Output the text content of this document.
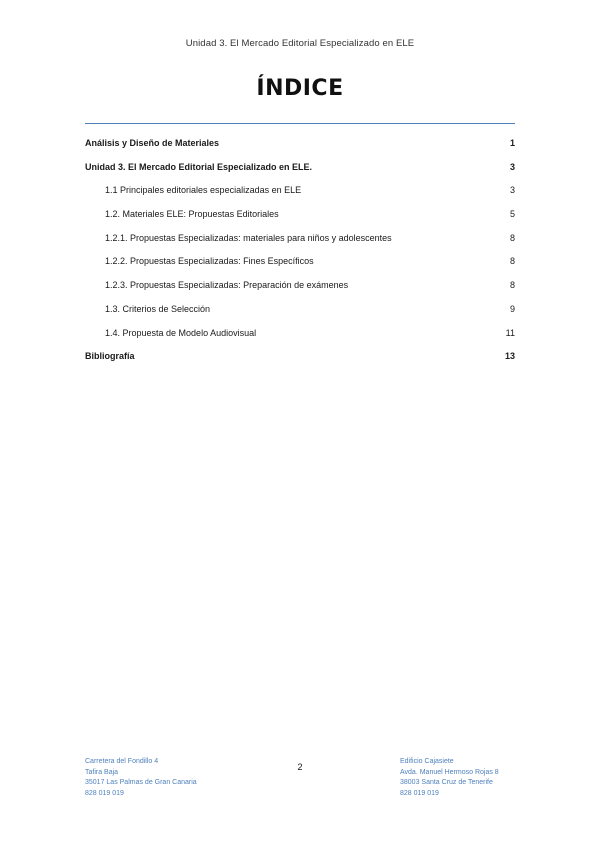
Unidad 3. El Mercado Editorial Especializado en ELE
ÍNDICE
Análisis y Diseño de Materiales	1
Unidad 3. El Mercado Editorial Especializado en ELE.	3
1.1 Principales editoriales especializadas en ELE	3
1.2. Materiales ELE: Propuestas Editoriales	5
1.2.1. Propuestas Especializadas: materiales para niños y adolescentes	8
1.2.2. Propuestas Especializadas: Fines Específicos	8
1.2.3. Propuestas Especializadas: Preparación de exámenes	8
1.3. Criterios de Selección	9
1.4. Propuesta de Modelo Audiovisual	11
Bibliografía	13
2
Carretera del Fondillo 4
Tafira Baja
35017 Las Palmas de Gran Canaria
828 019 019
Edificio Cajasiete
Avda. Manuel Hermoso Rojas 8
38003 Santa Cruz de Tenerife
828 019 019
